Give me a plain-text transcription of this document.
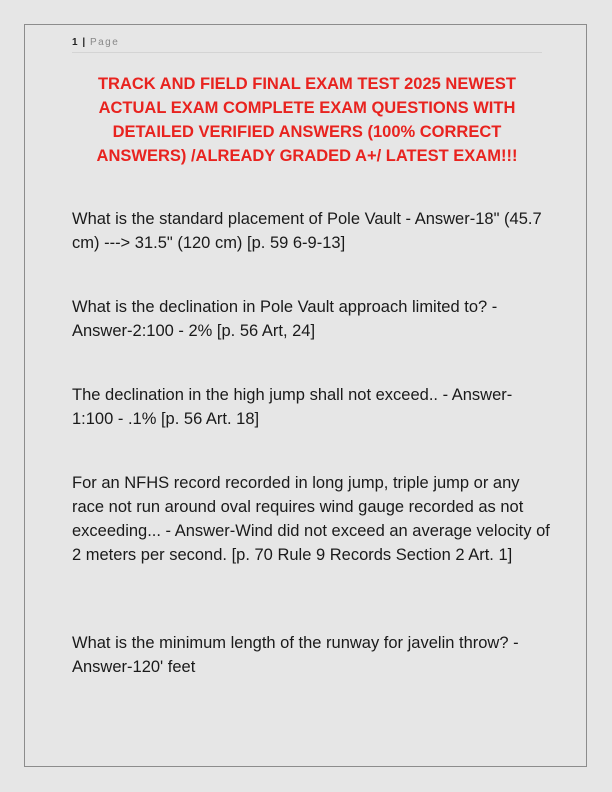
1 | Page

TRACK AND FIELD FINAL EXAM TEST 2025 NEWEST ACTUAL EXAM COMPLETE EXAM QUESTIONS WITH DETAILED VERIFIED ANSWERS (100% CORRECT ANSWERS) /ALREADY GRADED A+/ LATEST EXAM!!!

What is the standard placement of Pole Vault - Answer-18" (45.7 cm) ---> 31.5" (120 cm) [p. 59 6-9-13]

What is the declination in Pole Vault approach limited to? - Answer-2:100 - 2% [p. 56 Art, 24]

The declination in the high jump shall not exceed.. - Answer-1:100 - .1% [p. 56 Art. 18]

For an NFHS record recorded in long jump, triple jump or any race not run around oval requires wind gauge recorded as not exceeding... - Answer-Wind did not exceed an average velocity of 2 meters per second. [p. 70 Rule 9 Records Section 2 Art. 1]

What is the minimum length of the runway for javelin throw? - Answer-120' feet
